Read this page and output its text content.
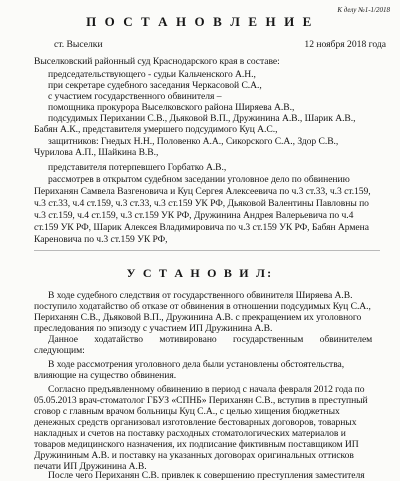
К делу №1-1/2018
П О С Т А Н О В Л Е Н И Е
ст. Выселки	12 ноября 2018 года
Выселковский районный суд Краснодарского края в составе:
председательствующего - судьи Кальченского А.Н.,
при секретаре судебного заседания Черкасовой С.А.,
с участием государственного обвинителя –
помощника прокурора Выселковского района Ширяева А.В.,
подсудимых Перихании С.В., Дьяковой В.П., Дружинина А.В., Шарик А.В.,
Бабян А.К., представителя умершего подсудимого Куц А.С.,
защитников: Гнедых Н.Н., Половенко А.А., Сикорского С.А., Здор С.В.,
Чурилова А.П., Шайкина В.В.,
представителя потерпевшего Горбатко А.В.,
рассмотрев в открытом судебном заседании уголовное дело по обвинению
Периханян Самвела Вазгеновича и Куц Сергея Алексеевича по ч.3 ст.33, ч.3 ст.159,
ч.3 ст.33, ч.4 ст.159, ч.3 ст.33, ч.3 ст.159 УК РФ, Дьяковой Валентины Павловны по
ч.3 ст.159, ч.4 ст.159, ч.3 ст.159 УК РФ, Дружинина Андрея Валерьевича по ч.4
ст.159 УК РФ, Шарик Алексея Владимировича по ч.3 ст.159 УК РФ, Бабян Армена
Кареновича по ч.3 ст.159 УК РФ,
У С Т А Н О В И Л:
В ходе судебного следствия от государственного обвинителя Ширяева А.В.
поступило ходатайство об отказе от обвинения в отношении подсудимых Куц С.А.,
Периханян С.В., Дьяковой В.П., Дружинина А.В. с прекращением их уголовного
преследования по эпизоду с участием ИП Дружинина А.В.
Данное ходатайство мотивировано государственным обвинителем
следующим:
В ходе рассмотрения уголовного дела были установлены обстоятельства,
влияющие на существо обвинения.
Согласно предъявленному обвинению в период с начала февраля 2012 года по
05.05.2013 врач-стоматолог ГБУЗ «СПНБ» Периханян С.В., вступив в преступный
сговор с главным врачом больницы Куц С.А., с целью хищения бюджетных
денежных средств организовал изготовление бестоварных договоров, товарных
накладных и счетов на поставку расходных стоматологических материалов и
товаров медицинского назначения, их подписание фиктивным поставщиком ИП
Дружининым А.В. и поставку на указанных договорах оригинальных оттисков
печати ИП Дружинина А.В.
После чего Периханян С.В. привлек к совершению преступления заместителя
